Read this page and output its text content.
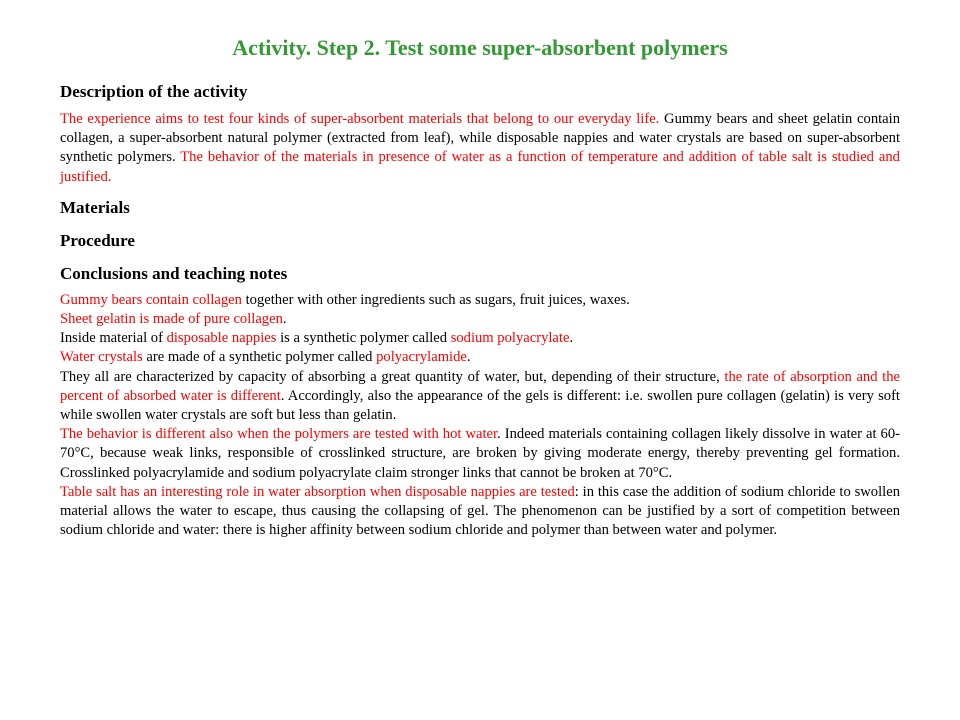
Activity. Step 2. Test some super-absorbent polymers
Description of the activity

The experience aims to test four kinds of super-absorbent materials that belong to our everyday life. Gummy bears and sheet gelatin contain collagen, a super-absorbent natural polymer (extracted from leaf), while disposable nappies and water crystals are based on super-absorbent synthetic polymers. The behavior of the materials in presence of water as a function of temperature and addition of table salt is studied and justified.

Materials
Procedure
Conclusions and teaching notes

Gummy bears contain collagen together with other ingredients such as sugars, fruit juices, waxes.
Sheet gelatin is made of pure collagen.
Inside material of disposable nappies is a synthetic polymer called sodium polyacrylate.
Water crystals are made of a synthetic polymer called polyacrylamide.
They all are characterized by capacity of absorbing a great quantity of water, but, depending of their structure, the rate of absorption and the percent of absorbed water is different. Accordingly, also the appearance of the gels is different: i.e. swollen pure collagen (gelatin) is very soft while swollen water crystals are soft but less than gelatin.
The behavior is different also when the polymers are tested with hot water. Indeed materials containing collagen likely dissolve in water at 60-70°C, because weak links, responsible of crosslinked structure, are broken by giving moderate energy, thereby preventing gel formation. Crosslinked polyacrylamide and sodium polyacrylate claim stronger links that cannot be broken at 70°C.
Table salt has an interesting role in water absorption when disposable nappies are tested: in this case the addition of sodium chloride to swollen material allows the water to escape, thus causing the collapsing of gel. The phenomenon can be justified by a sort of competition between sodium chloride and water: there is higher affinity between sodium chloride and polymer than between water and polymer.
